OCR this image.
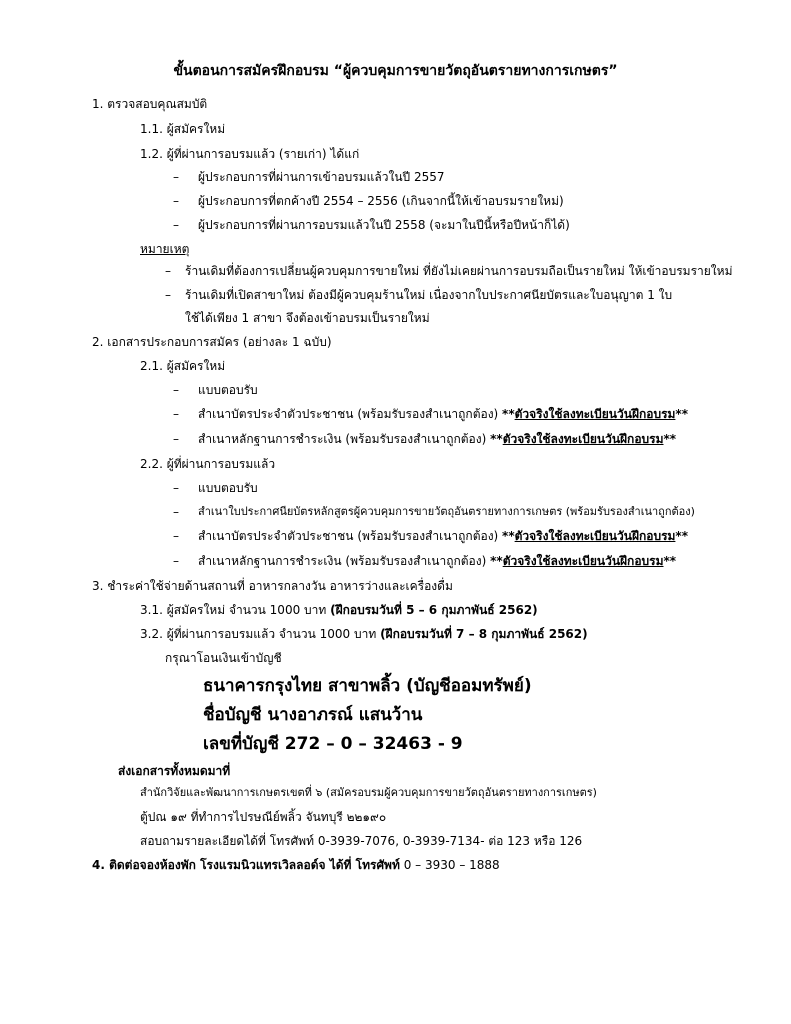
ขั้นตอนการสมัครฝึกอบรม “ผู้ควบคุมการขายวัตถุอันตรายทางการเกษตร”
1. ตรวจสอบคุณสมบัติ
1.1. ผู้สมัครใหม่
1.2. ผู้ที่ผ่านการอบรมแล้ว (รายเก่า) ได้แก่
– ผู้ประกอบการที่ผ่านการเข้าอบรมแล้วในปี 2557
– ผู้ประกอบการที่ตกค้างปี 2554 – 2556 (เกินจากนี้ให้เข้าอบรมรายใหม่)
– ผู้ประกอบการที่ผ่านการอบรมแล้วในปี 2558 (จะมาในปีนี้หรือปีหน้าก็ได้)
หมายเหตุ
– ร้านเดิมที่ต้องการเปลี่ยนผู้ควบคุมการขายใหม่ ที่ยังไม่เคยผ่านการอบรมถือเป็นรายใหม่ ให้เข้าอบรมรายใหม่
– ร้านเดิมที่เปิดสาขาใหม่ ต้องมีผู้ควบคุมร้านใหม่ เนื่องจากใบประกาศนียบัตรและใบอนุญาต 1 ใบ
ใช้ได้เพียง 1 สาขา จึงต้องเข้าอบรมเป็นรายใหม่
2. เอกสารประกอบการสมัคร (อย่างละ 1 ฉบับ)
2.1. ผู้สมัครใหม่
– แบบตอบรับ
– สำเนาบัตรประจำตัวประชาชน (พร้อมรับรองสำเนาถูกต้อง) **ตัวจริงใช้ลงทะเบียนวันฝึกอบรม**
– สำเนาหลักฐานการชำระเงิน (พร้อมรับรองสำเนาถูกต้อง) **ตัวจริงใช้ลงทะเบียนวันฝึกอบรม**
2.2. ผู้ที่ผ่านการอบรมแล้ว
– แบบตอบรับ
– สำเนาใบประกาศนียบัตรหลักสูตรผู้ควบคุมการขายวัตถุอันตรายทางการเกษตร (พร้อมรับรองสำเนาถูกต้อง)
– สำเนาบัตรประจำตัวประชาชน (พร้อมรับรองสำเนาถูกต้อง) **ตัวจริงใช้ลงทะเบียนวันฝึกอบรม**
– สำเนาหลักฐานการชำระเงิน (พร้อมรับรองสำเนาถูกต้อง) **ตัวจริงใช้ลงทะเบียนวันฝึกอบรม**
3. ชำระค่าใช้จ่ายด้านสถานที่ อาหารกลางวัน อาหารว่างและเครื่องดื่ม
3.1. ผู้สมัครใหม่ จำนวน 1000 บาท (ฝึกอบรมวันที่ 5 – 6 กุมภาพันธ์ 2562)
3.2. ผู้ที่ผ่านการอบรมแล้ว จำนวน 1000 บาท (ฝึกอบรมวันที่ 7 – 8 กุมภาพันธ์ 2562)
กรุณาโอนเงินเข้าบัญชี
ธนาคารกรุงไทย สาขาพลิ้ว (บัญชีออมทรัพย์)
ชื่อบัญชี นางอาภรณ์ แสนว้าน
เลขที่บัญชี 272 – 0 – 32463 - 9
ส่งเอกสารทั้งหมดมาที่
สำนักวิจัยและพัฒนาการเกษตรเขตที่ ๖ (สมัครอบรมผู้ควบคุมการขายวัตถุอันตรายทางการเกษตร)
ตู้ปณ ๑๙ ที่ทำการไปรษณีย์พลิ้ว จันทบุรี ๒๒๑๙๐
สอบถามรายละเอียดได้ที่ โทรศัพท์ 0-3939-7076, 0-3939-7134- ต่อ 123 หรือ 126
4. ติดต่อจองห้องพัก โรงแรมนิวแทรเวิลลอด์จ ได้ที่ โทรศัพท์ 0 – 3930 – 1888
